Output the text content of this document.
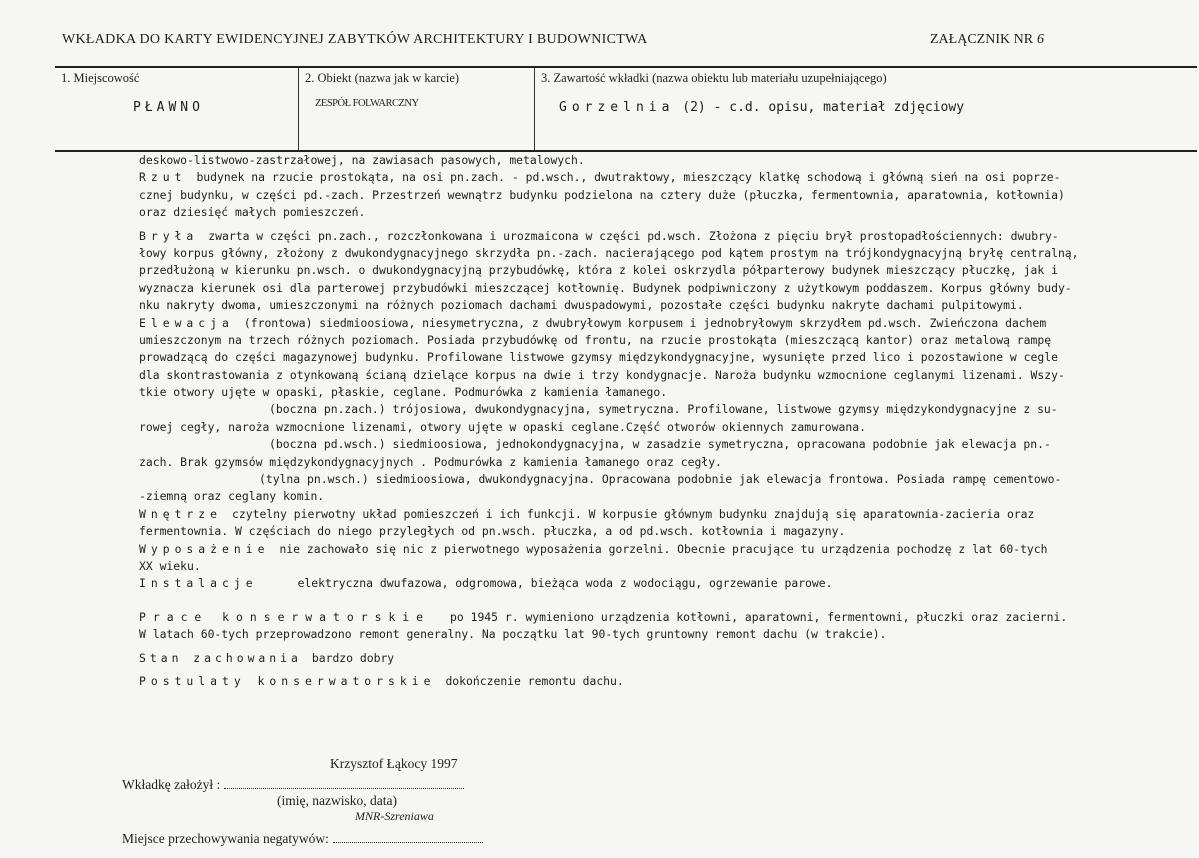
WKŁADKA DO KARTY EWIDENCYJNEJ ZABYTKÓW ARCHITEKTURY I BUDOWNICTWA	ZAŁĄCZNIK NR 6
1. Miejscowość
PŁAWNO
2. Obiekt (nazwa jak w karcie)
ZESPÓŁ FOLWARCZNY
3. Zawartość wkładki (nazwa obiektu lub materiału uzupełniającego)
Gorzelnia (2) - c.d. opisu, materiał zdjęciowy
deskowo-listwowo-zastrzałowej, na zawiasach pasowych, metalowych.
Rzut budynek na rzucie prostokąta, na osi pn.zach. - pd.wsch., dwutraktowy, mieszczący klatkę schodową i główną sień na osi poprze-
cznej budynku, w części pd.-zach. Przestrzeń wewnątrz budynku podzielona na cztery duże (płuczka, fermentownia, aparatownia, kotłownia)
oraz dziesięć małych pomieszczeń.
Bryła zwarta w części pn.zach., rozczłonkowana i urozmaicona w części pd.wsch. Złożona z pięciu brył prostopadłościennych: dwubry-
łowy korpus główny, złożony z dwukondygnacyjnego skrzydła pn.-zach. nacierającego pod kątem prostym na trójkondygnacyjną bryłę centralną,
przedłużoną w kierunku pn.wsch. o dwukondygnacyjną przybudówkę, która z kolei oskrzydla półparterowy budynek mieszczący płuczkę, jak i
wyznacza kierunek osi dla parterowej przybudówki mieszczącej kotłownię. Budynek podpiwniczony z użytkowym poddaszem. Korpus główny budy-
nku nakryty dwoma, umieszczonymi na różnych poziomach dachami dwuspadowymi, pozostałe części budynku nakryte dachami pulpitowymi.
Elewacja (frontowa) siedmioosiowa, niesymetryczna, z dwubryłowym korpusem i jednobryłowym skrzydłem pd.wsch. Zwieńczona dachem
umieszczonym na trzech różnych poziomach. Posiada przybudówkę od frontu, na rzucie prostokąta (mieszczącą kantor) oraz metalową rampę
prowadzącą do części magazynowej budynku. Profilowane listwowe gzymsy międzykondygnacyjne, wysunięte przed lico i pozostawione w cegle
dla skontrastowania z otynkowaną ścianą dzielące korpus na dwie i trzy kondygnacje. Naroża budynku wzmocnione ceglanymi lizenami. Wszy-
tkie otwory ujęte w opaski, płaskie, ceglane. Podmurówka z kamienia łamanego.
(boczna pn.zach.) trójosiowa, dwukondygnacyjna, symetryczna. Profilowane, listwowe gzymsy międzykondygnacyjne z su-
rowej cegły, naroża wzmocnione lizenami, otwory ujęte w opaski ceglane.Część otworów okiennych zamurowana.
(boczna pd.wsch.) siedmioosiowa, jednokondygnacyjna, w zasadzie symetryczna, opracowana podobnie jak elewacja pn.-
zach. Brak gzymsów międzykondygnacyjnych . Podmurówka z kamienia łamanego oraz cegły.
(tylna pn.wsch.) siedmioosiowa, dwukondygnacyjna. Opracowana podobnie jak elewacja frontowa. Posiada rampę cementowo-
-ziemną oraz ceglany komin.
Wnętrze czytelny pierwotny układ pomieszczeń i ich funkcji. W korpusie głównym budynku znajdują się aparatownia-zacieria oraz
fermentownia. W częściach do niego przyległych od pn.wsch. płuczka, a od pd.wsch. kotłownia i magazyny.
Wyposażenie nie zachowało się nic z pierwotnego wyposażenia gorzelni. Obecnie pracujące tu urządzenia pochodzę z lat 60-tych
XX wieku.
Instalacje	elektryczna dwufazowa, odgromowa, bieżąca woda z wodociągu, ogrzewanie parowe.
Prace konserwatorskie po 1945 r. wymieniono urządzenia kotłowni, aparatowni, fermentowni, płuczki oraz zacierni.
W latach 60-tych przeprowadzono remont generalny. Na początku lat 90-tych gruntowny remont dachu (w trakcie).
Stan zachowania bardzo dobry
Postulaty konserwatorskie dokończenie remontu dachu.
Krzysztof Łąkocy 1997
Wkładkę założył :
(imię, nazwisko, data)
MNR-Szreniawa
Miejsce przechowywania negatywów:
